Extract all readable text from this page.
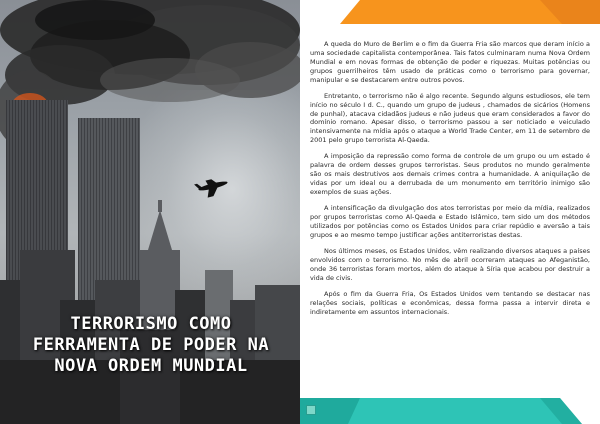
TERRORISMO COMO
FERRAMENTA DE PODER NA
NOVA ORDEM MUNDIAL

A queda do Muro de Berlim e o fim da Guerra Fria são marcos que deram início a uma sociedade capitalista contemporânea. Tais fatos culminaram numa Nova Ordem Mundial e em novas formas de obtenção de poder e riquezas. Muitas potências ou grupos guerrilheiros têm usado de práticas como o terrorismo para governar, manipular e se destacarem entre outros povos.

Entretanto, o terrorismo não é algo recente. Segundo alguns estudiosos, ele tem início no século I d. C., quando um grupo de judeus , chamados de sicários (Homens de punhal), atacava cidadãos judeus e não judeus que eram considerados a favor do domínio romano. Apesar disso, o terrorismo passou a ser noticiado e veiculado intensivamente na mídia após o ataque a World Trade Center, em 11 de setembro de 2001 pelo grupo terrorista Al-Qaeda.

A imposição da repressão como forma de controle de um grupo ou um estado é palavra de ordem desses grupos terroristas. Seus produtos no mundo geralmente são os mais destrutivos aos demais crimes contra a humanidade. A aniquilação de vidas por um ideal ou a derrubada de um monumento em território inimigo são exemplos de suas ações.

A intensificação da divulgação dos atos terroristas por meio da mídia, realizados por grupos terroristas como Al-Qaeda e Estado Islâmico, tem sido um dos métodos utilizados por potências como os Estados Unidos para criar repúdio e aversão a tais grupos e ao mesmo tempo justificar ações antiterroristas destas.

Nos últimos meses, os Estados Unidos, vêm realizando diversos ataques a países envolvidos com o terrorismo. No mês de abril ocorreram ataques ao Afeganistão, onde 36 terroristas foram mortos, além do ataque à Síria que acabou por destruir a vida de civis.

Após o fim da Guerra Fria, Os Estados Unidos vem tentando se destacar nas relações sociais, políticas e econômicas, dessa forma passa a intervir direta e indiretamente em assuntos internacionais.
